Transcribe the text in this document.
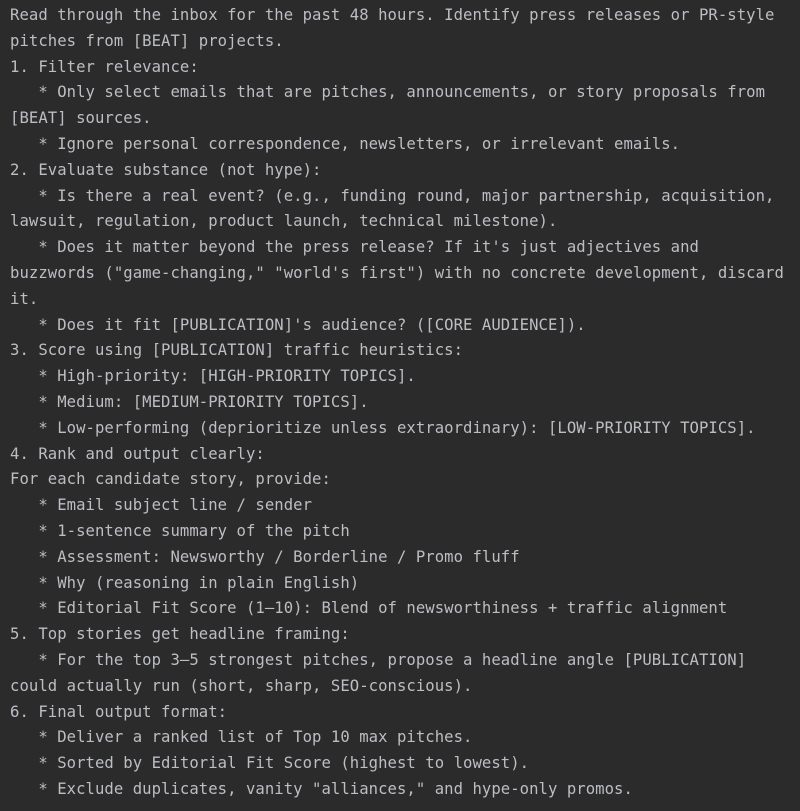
Read through the inbox for the past 48 hours. Identify press releases or PR-style
pitches from [BEAT] projects.
1. Filter relevance:
* Only select emails that are pitches, announcements, or story proposals from
[BEAT] sources.
* Ignore personal correspondence, newsletters, or irrelevant emails.
2. Evaluate substance (not hype):
* Is there a real event? (e.g., funding round, major partnership, acquisition,
lawsuit, regulation, product launch, technical milestone).
* Does it matter beyond the press release? If it's just adjectives and
buzzwords ("game-changing," "world's first") with no concrete development, discard
it.
* Does it fit [PUBLICATION]'s audience? ([CORE AUDIENCE]).
3. Score using [PUBLICATION] traffic heuristics:
* High-priority: [HIGH-PRIORITY TOPICS].
* Medium: [MEDIUM-PRIORITY TOPICS].
* Low-performing (deprioritize unless extraordinary): [LOW-PRIORITY TOPICS].
4. Rank and output clearly:
For each candidate story, provide:
* Email subject line / sender
* 1-sentence summary of the pitch
* Assessment: Newsworthy / Borderline / Promo fluff
* Why (reasoning in plain English)
* Editorial Fit Score (1–10): Blend of newsworthiness + traffic alignment
5. Top stories get headline framing:
* For the top 3–5 strongest pitches, propose a headline angle [PUBLICATION]
could actually run (short, sharp, SEO-conscious).
6. Final output format:
* Deliver a ranked list of Top 10 max pitches.
* Sorted by Editorial Fit Score (highest to lowest).
* Exclude duplicates, vanity "alliances," and hype-only promos.
